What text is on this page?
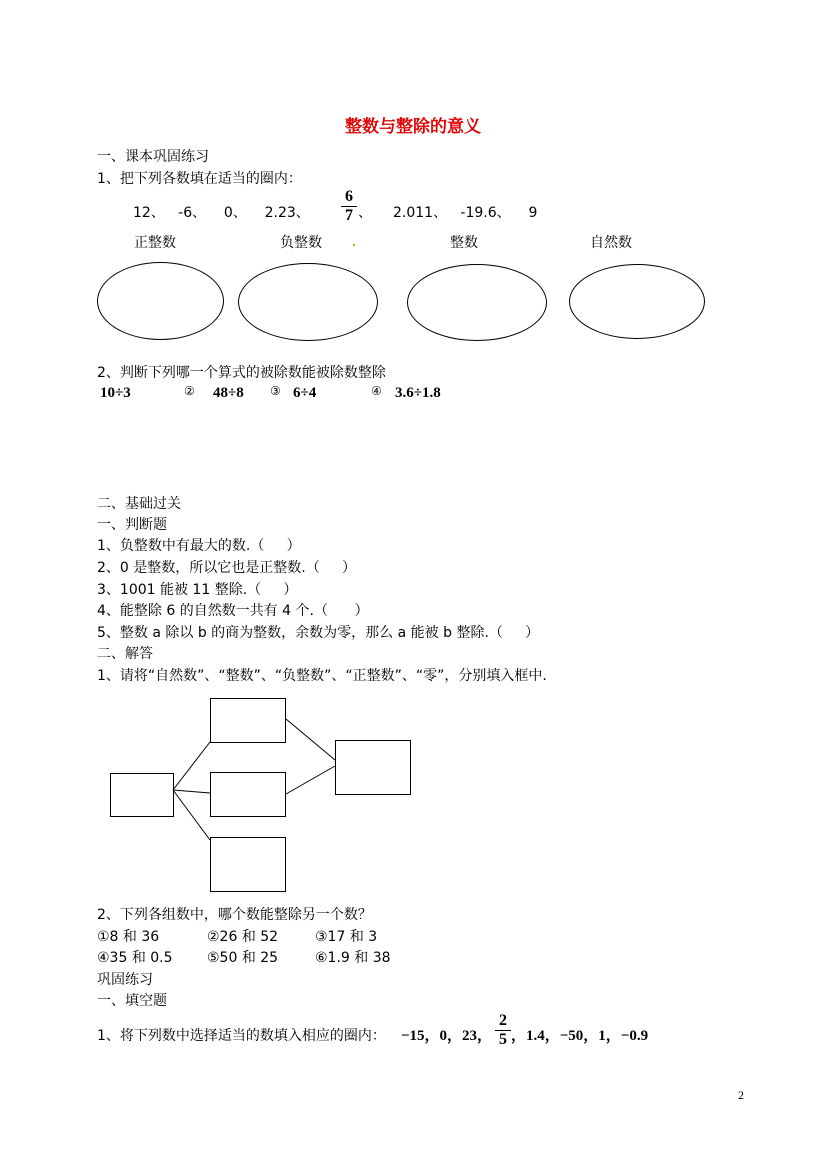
整数与整除的意义
一、课本巩固练习
1、把下列各数填在适当的圈内：
12、   -6、    0、    2.23、 $\frac{6}{7}$ 、 2.011、   -19.6、    9
正整数	负整数	整数	自然数
2、判断下列哪一个算式的被除数能被除数整除
10÷3	② 48÷8 ③ 6÷4	④ 3.6÷1.8
二、基础过关
一、判断题
1、负整数中有最大的数.（     ）
2、0 是整数，所以它也是正整数.（     ）
3、1001 能被 11 整除.（     ）
4、能整除 6 的自然数一共有 4 个.（      ）
5、整数 a 除以 b 的商为整数，余数为零，那么 a 能被 b 整除.（     ）
二、解答
1、请将“自然数”、“整数”、“负整数”、“正整数”、“零”，分别填入框中.
2、下列各组数中，哪个数能整除另一个数？
①8 和 36	②26 和 52	③17 和 3
④35 和 0.5 ⑤50 和 25	⑥1.9 和 38
巩固练习
一、填空题
1、将下列数中选择适当的数填入相应的圈内： −15，0，23， $\frac{2}{5}$ ，1.4，−50，1，−0.9
2
